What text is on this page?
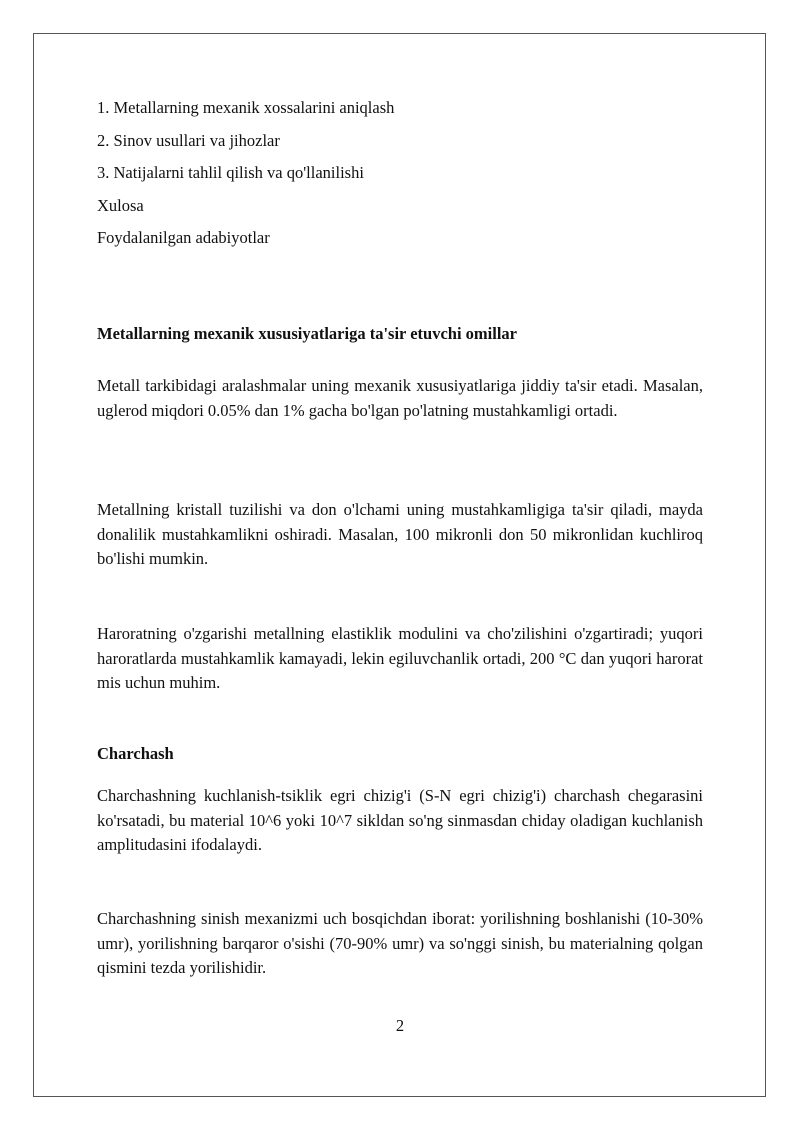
1. Metallarning mexanik xossalarini aniqlash
2. Sinov usullari va jihozlar
3. Natijalarni tahlil qilish va qo'llanilishi
Xulosa
Foydalanilgan adabiyotlar
Metallarning mexanik xususiyatlariga ta'sir etuvchi omillar
Metall tarkibidagi aralashmalar uning mexanik xususiyatlariga jiddiy ta'sir etadi. Masalan, uglerod miqdori 0.05% dan 1% gacha bo'lgan po'latning mustahkamligi ortadi.
Metallning kristall tuzilishi va don o'lchami uning mustahkamligiga ta'sir qiladi, mayda donalilik mustahkamlikni oshiradi. Masalan, 100 mikronli don 50 mikronlidan kuchliroq bo'lishi mumkin.
Haroratning o'zgarishi metallning elastiklik modulini va cho'zilishini o'zgartiradi; yuqori haroratlarda mustahkamlik kamayadi, lekin egiluvchanlik ortadi, 200 °C dan yuqori harorat mis uchun muhim.
Charchash
Charchashning kuchlanish-tsiklik egri chizig'i (S-N egri chizig'i) charchash chegarasini ko'rsatadi, bu material 10^6 yoki 10^7 sikldan so'ng sinmasdan chiday oladigan kuchlanish amplitudasini ifodalaydi.
Charchashning sinish mexanizmi uch bosqichdan iborat: yorilishning boshlanishi (10-30% umr), yorilishning barqaror o'sishi (70-90% umr) va so'nggi sinish, bu materialning qolgan qismini tezda yorilishidir.
2
